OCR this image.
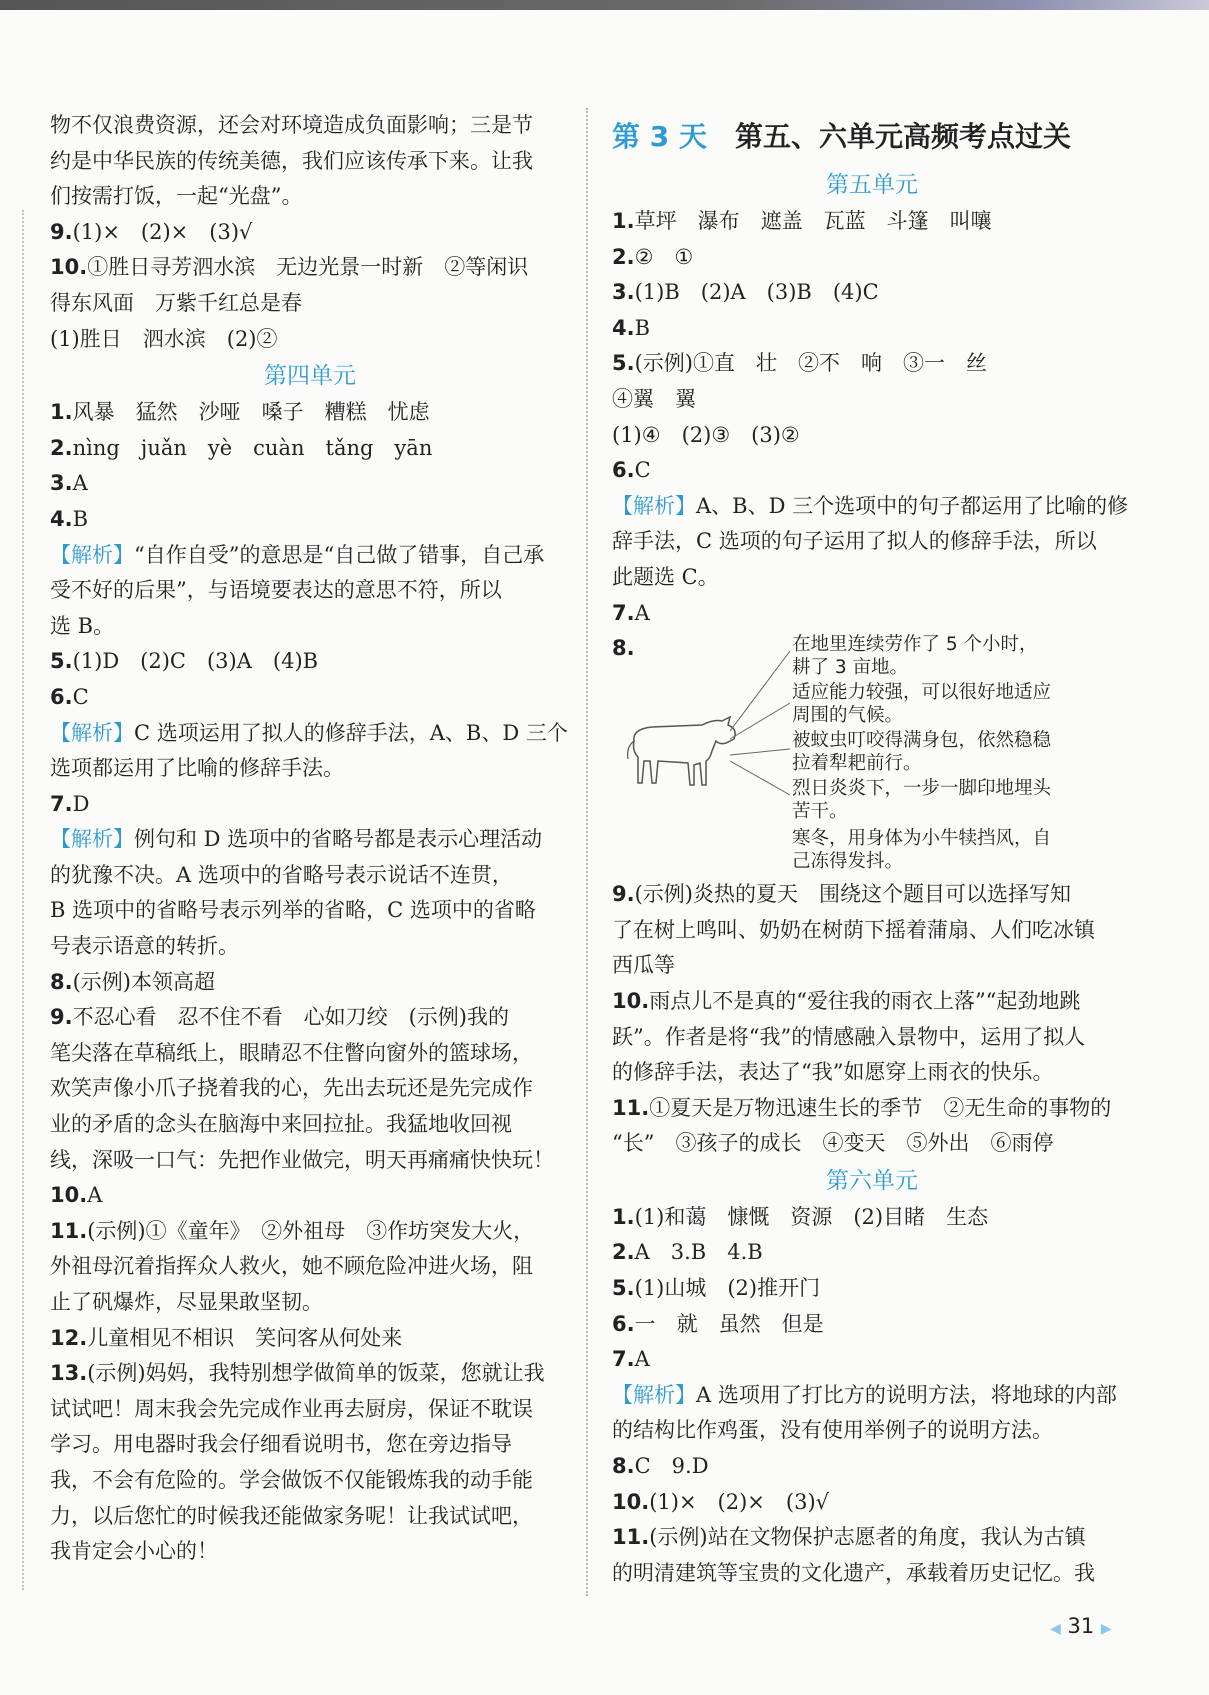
物不仅浪费资源，还会对环境造成负面影响；三是节

约是中华民族的传统美德，我们应该传承下来。让我

们按需打饭，一起“光盘”。

9.(1)×　(2)×　(3)√

10.①胜日寻芳泗水滨　无边光景一时新　②等闲识

得东风面　万紫千红总是春

(1)胜日　泗水滨　(2)②

第四单元

1.风暴　猛然　沙哑　嗓子　糟糕　忧虑

2.nìng　juǎn　yè　cuàn　tǎng　yān

3.A

4.B

【解析】“自作自受”的意思是“自己做了错事，自己承

受不好的后果”，与语境要表达的意思不符，所以

选 B。

5.(1)D　(2)C　(3)A　(4)B

6.C

【解析】C 选项运用了拟人的修辞手法，A、B、D 三个

选项都运用了比喻的修辞手法。

7.D

【解析】例句和 D 选项中的省略号都是表示心理活动

的犹豫不决。A 选项中的省略号表示说话不连贯，

B 选项中的省略号表示列举的省略，C 选项中的省略

号表示语意的转折。

8.(示例)本领高超

9.不忍心看　忍不住不看　心如刀绞　(示例)我的

笔尖落在草稿纸上，眼睛忍不住瞥向窗外的篮球场，

欢笑声像小爪子挠着我的心，先出去玩还是先完成作

业的矛盾的念头在脑海中来回拉扯。我猛地收回视

线，深吸一口气：先把作业做完，明天再痛痛快快玩！

10.A

11.(示例)①《童年》　②外祖母　③作坊突发大火，

外祖母沉着指挥众人救火，她不顾危险冲进火场，阻

止了矾爆炸，尽显果敢坚韧。

12.儿童相见不相识　笑问客从何处来

13.(示例)妈妈，我特别想学做简单的饭菜，您就让我

试试吧！周末我会先完成作业再去厨房，保证不耽误

学习。用电器时我会仔细看说明书，您在旁边指导

我，不会有危险的。学会做饭不仅能锻炼我的动手能

力，以后您忙的时候我还能做家务呢！让我试试吧，

我肯定会小心的！

第 3 天 第五、六单元高频考点过关

第五单元

1.草坪　瀑布　遮盖　瓦蓝　斗篷　叫嚷

2.②　①

3.(1)B　(2)A　(3)B　(4)C

4.B

5.(示例)①直　壮　②不　响　③一　丝

④翼　翼

(1)④　(2)③　(3)②

6.C

【解析】A、B、D 三个选项中的句子都运用了比喻的修

辞手法，C 选项的句子运用了拟人的修辞手法，所以

此题选 C。

7.A

8.	在地里连续劳作了 5 个小时，
耕了 3 亩地。
适应能力较强，可以很好地适应
周围的气候。
被蚊虫叮咬得满身包，依然稳稳
拉着犁耙前行。
烈日炎炎下，一步一脚印地埋头
苦干。
寒冬，用身体为小牛犊挡风，自
己冻得发抖。

9.(示例)炎热的夏天　围绕这个题目可以选择写知

了在树上鸣叫、奶奶在树荫下摇着蒲扇、人们吃冰镇

西瓜等

10.雨点儿不是真的“爱往我的雨衣上落”“起劲地跳

跃”。作者是将“我”的情感融入景物中，运用了拟人

的修辞手法，表达了“我”如愿穿上雨衣的快乐。

11.①夏天是万物迅速生长的季节　②无生命的事物的

“长”　③孩子的成长　④变天　⑤外出　⑥雨停

第六单元

1.(1)和蔼　慷慨　资源　(2)目睹　生态

2.A　3.B　4.B

5.(1)山城　(2)推开门

6.一　就　虽然　但是

7.A

【解析】A 选项用了打比方的说明方法，将地球的内部

的结构比作鸡蛋，没有使用举例子的说明方法。

8.C　9.D

10.(1)×　(2)×　(3)√

11.(示例)站在文物保护志愿者的角度，我认为古镇

的明清建筑等宝贵的文化遗产，承载着历史记忆。我

◀ 31 ▶
